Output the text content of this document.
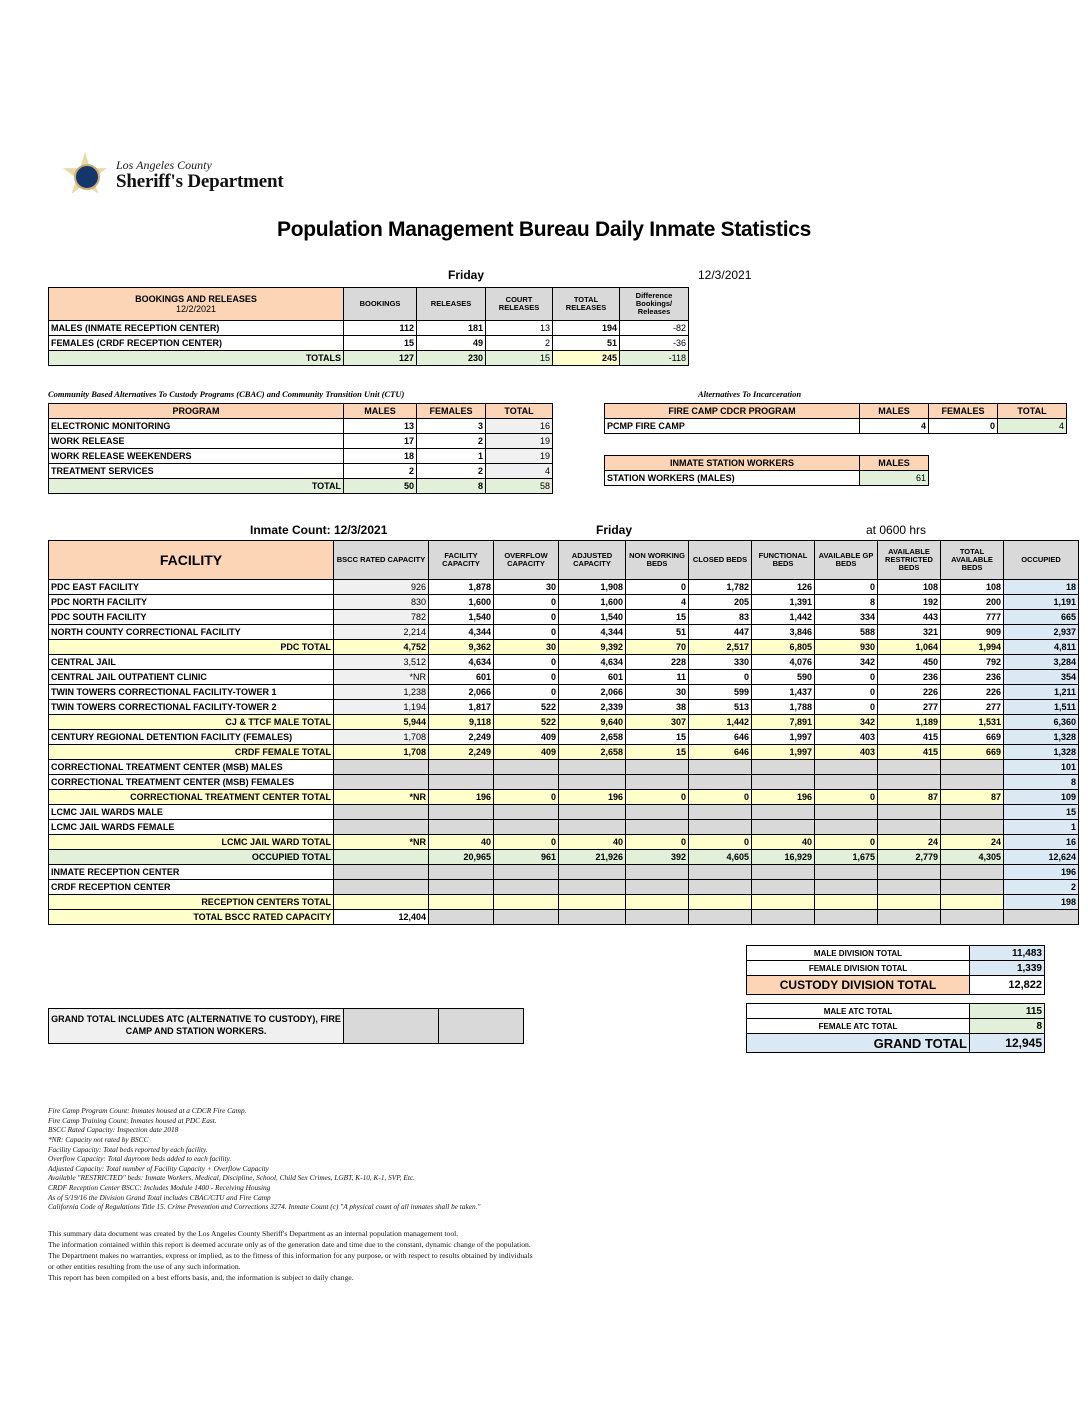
Los Angeles County
Sheriff's Department
Population Management Bureau Daily Inmate Statistics
Friday	12/3/2021
BOOKINGS AND RELEASES
12/2/2021	BOOKINGS	RELEASES	COURT RELEASES	TOTAL RELEASES	Difference Bookings/ Releases

MALES (INMATE RECEPTION CENTER)	112	181	13	194	-82
FEMALES (CRDF RECEPTION CENTER)	15	49	2	51	-36
TOTALS	127	230	15	245	-118
Community Based Alternatives To Custody Programs (CBAC) and Community Transition Unit (CTU)
PROGRAM	MALES	FEMALES	TOTAL
ELECTRONIC MONITORING	13	3	16
WORK RELEASE	17	2	19
WORK RELEASE WEEKENDERS	18	1	19
TREATMENT SERVICES	2	2	4
TOTAL	50	8	58
Alternatives To Incarceration
FIRE CAMP CDCR PROGRAM	MALES	FEMALES	TOTAL
PCMP FIRE CAMP	4	0	4
INMATE STATION WORKERS	MALES
STATION WORKERS (MALES)	61
Inmate Count: 12/3/2021	Friday	at 0600 hrs
FACILITY	BSCC RATED CAPACITY	FACILITY CAPACITY	OVERFLOW CAPACITY	ADJUSTED CAPACITY	NON WORKING BEDS	CLOSED BEDS	FUNCTIONAL BEDS	AVAILABLE GP BEDS	AVAILABLE RESTRICTED BEDS	TOTAL AVAILABLE BEDS	OCCUPIED
PDC EAST FACILITY	926	1,878	30	1,908	0	1,782	126	0	108	108	18
PDC NORTH FACILITY	830	1,600	0	1,600	4	205	1,391	8	192	200	1,191
PDC SOUTH FACILITY	782	1,540	0	1,540	15	83	1,442	334	443	777	665
NORTH COUNTY CORRECTIONAL FACILITY	2,214	4,344	0	4,344	51	447	3,846	588	321	909	2,937
PDC TOTAL	4,752	9,362	30	9,392	70	2,517	6,805	930	1,064	1,994	4,811
CENTRAL JAIL	3,512	4,634	0	4,634	228	330	4,076	342	450	792	3,284
CENTRAL JAIL OUTPATIENT CLINIC	*NR	601	0	601	11	0	590	0	236	236	354
TWIN TOWERS CORRECTIONAL FACILITY-TOWER 1	1,238	2,066	0	2,066	30	599	1,437	0	226	226	1,211
TWIN TOWERS CORRECTIONAL FACILITY-TOWER 2	1,194	1,817	522	2,339	38	513	1,788	0	277	277	1,511
CJ & TTCF MALE TOTAL	5,944	9,118	522	9,640	307	1,442	7,891	342	1,189	1,531	6,360
CENTURY REGIONAL DETENTION FACILITY (FEMALES)	1,708	2,249	409	2,658	15	646	1,997	403	415	669	1,328
CRDF FEMALE TOTAL	1,708	2,249	409	2,658	15	646	1,997	403	415	669	1,328
CORRECTIONAL TREATMENT CENTER (MSB) MALES											101
CORRECTIONAL TREATMENT CENTER (MSB) FEMALES											8
CORRECTIONAL TREATMENT CENTER TOTAL	*NR	196	0	196	0	0	196	0	87	87	109
LCMC JAIL WARDS MALE											15
LCMC JAIL WARDS FEMALE											1
LCMC JAIL WARD TOTAL	*NR	40	0	40	0	0	40	0	24	24	16
OCCUPIED TOTAL		20,965	961	21,926	392	4,605	16,929	1,675	2,779	4,305	12,624
INMATE RECEPTION CENTER											196
CRDF RECEPTION CENTER											2
RECEPTION CENTERS TOTAL											198
TOTAL BSCC RATED CAPACITY	12,404										
MALE DIVISION TOTAL	11,483
FEMALE DIVISION TOTAL	1,339
CUSTODY DIVISION TOTAL	12,822
GRAND TOTAL INCLUDES ATC (ALTERNATIVE TO CUSTODY), FIRE CAMP AND STATION WORKERS.		
MALE ATC TOTAL	115
FEMALE ATC TOTAL	8
GRAND TOTAL	12,945
Fire Camp Program Count: Inmates housed at a CDCR Fire Camp.
Fire Camp Training Count: Inmates housed at PDC East.
BSCC Rated Capacity: Inspection date 2018
*NR: Capacity not rated by BSCC
Facility Capacity: Total beds reported by each facility.
Overflow Capacity: Total dayroom beds added to each facility.
Adjusted Capacity: Total number of Facility Capacity + Overflow Capacity
Available "RESTRICTED" beds: Inmate Workers, Medical, Discipline, School, Child Sex Crimes, LGBT, K-10, K-1, SVP, Etc.
CRDF Reception Center BSCC: Includes Module 1400 - Receiving Housing
As of 5/19/16 the Division Grand Total includes CBAC/CTU and Fire Camp
California Code of Regulations Title 15. Crime Prevention and Corrections 3274. Inmate Count (c) "A physical count of all inmates shall be taken."
This summary data document was created by the Los Angeles County Sheriff's Department as an internal population management tool.
The information contained within this report is deemed accurate only as of the generation date and time due to the constant, dynamic change of the population.
The Department makes no warranties, express or implied, as to the fitness of this information for any purpose, or with respect to results obtained by individuals
or other entities resulting from the use of any such information.
This report has been compiled on a best efforts basis, and, the information is subject to daily change.
